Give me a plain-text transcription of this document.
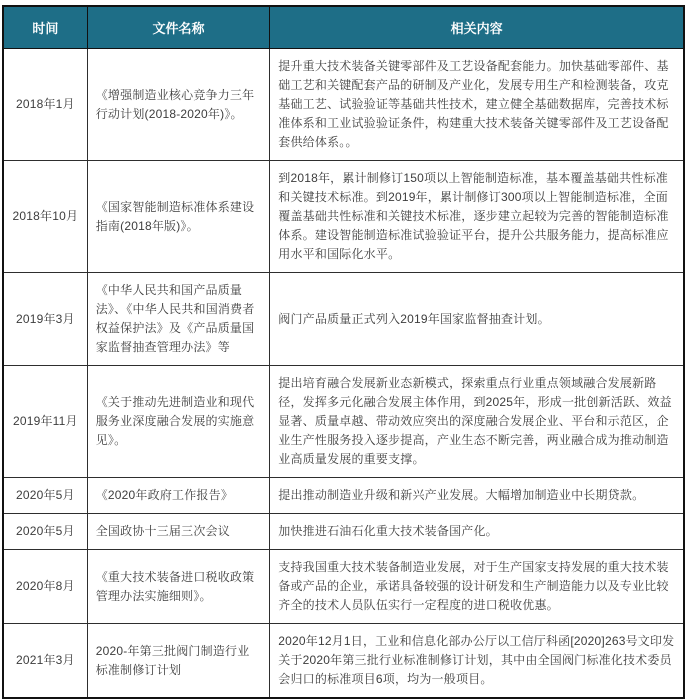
时间	文件名称	相关内容
2018年1月	《增强制造业核心竞争力三年行动计划(2018-2020年)》。	提升重大技术装备关键零部件及工艺设备配套能力。加快基础零部件、基础工艺和关键配套产品的研制及产业化，发展专用生产和检测装备，攻克基础工艺、试验验证等基础共性技术，建立健全基础数据库，完善技术标准体系和工业试验验证条件，构建重大技术装备关键零部件及工艺设备配套供给体系。。
2018年10月	《国家智能制造标准体系建设指南(2018年版)》。	到2018年，累计制修订150项以上智能制造标准，基本覆盖基础共性标准和关键技术标准。到2019年，累计制修订300项以上智能制造标准，全面覆盖基础共性标准和关键技术标准，逐步建立起较为完善的智能制造标准体系。建设智能制造标准试验验证平台，提升公共服务能力，提高标准应用水平和国际化水平。
2019年3月	《中华人民共和国产品质量法》、《中华人民共和国消费者权益保护法》及《产品质量国家监督抽查管理办法》等	阀门产品质量正式列入2019年国家监督抽查计划。
2019年11月	《关于推动先进制造业和现代服务业深度融合发展的实施意见》。	提出培育融合发展新业态新模式，探索重点行业重点领域融合发展新路径，发挥多元化融合发展主体作用，到2025年，形成一批创新活跃、效益显著、质量卓越、带动效应突出的深度融合发展企业、平台和示范区，企业生产性服务投入逐步提高，产业生态不断完善，两业融合成为推动制造业高质量发展的重要支撑。
2020年5月	《2020年政府工作报告》	提出推动制造业升级和新兴产业发展。大幅增加制造业中长期贷款。
2020年5月	全国政协十三届三次会议	加快推进石油石化重大技术装备国产化。
2020年8月	《重大技术装备进口税收政策管理办法实施细则》。	支持我国重大技术装备制造业发展，对于生产国家支持发展的重大技术装备或产品的企业，承诺具备较强的设计研发和生产制造能力以及专业比较齐全的技术人员队伍实行一定程度的进口税收优惠。
2021年3月	2020-年第三批阀门制造行业标准制修订计划	2020年12月1日，工业和信息化部办公厅以工信厅科函[2020]263号文印发关于2020年第三批行业标准制修订计划，其中由全国阀门标准化技术委员会归口的标准项目6项，均为一般项目。
